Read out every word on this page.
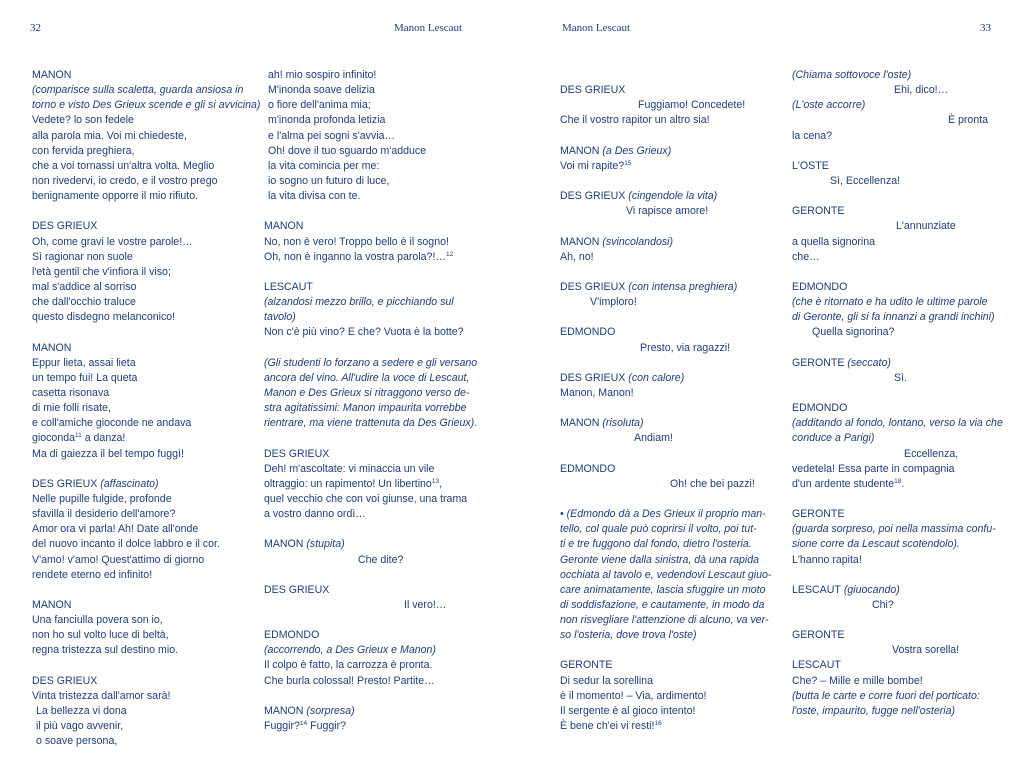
32	Manon Lescaut
MANON
(comparisce sulla scaletta, guarda ansiosa in
torno e visto Des Grieux scende e gli si avvicina)
Vedete? lo son fedele
alla parola mia. Voi mi chiedeste,
con fervida preghiera,
che a voi tornassi un'altra volta. Meglio
non rivedervi, io credo, e il vostro prego
benignamente opporre il mio rifiuto.
DES GRIEUX
Oh, come gravi le vostre parole!…
Sì ragionar non suole
l'età gentil che v'infiora il viso;
mal s'addice al sorriso
che dall'occhio traluce
questo disdegno melanconico!
MANON
Eppur lieta, assai lieta
un tempo fui! La queta
casetta risonava
di mie folli risate,
e coll'amiche gioconde ne andava
gioconda$^{11}$ a danza!
Ma di gaiezza il bel tempo fuggì!
DES GRIEUX (affascinato)
Nelle pupille fulgide, profonde
sfavilla il desiderio dell'amore?
Amor ora vi parla! Ah! Date all'onde
del nuovo incanto il dolce labbro e il cor.
V'amo! v'amo! Quest'attimo di giorno
rendete eterno ed infinito!
MANON
Una fanciulla povera son io,
non ho sul volto luce di beltà,
regna tristezza sul destino mio.
DES GRIEUX
Vinta tristezza dall'amor sarà!
La bellezza vi dona
il più vago avvenir,
o soave persona,
ah! mio sospiro infinito!
M'inonda soave delizia
o fiore dell'anima mia;
m'inonda profonda letizia
e l'alma pei sogni s'avvia…
Oh! dove il tuo sguardo m'adduce
la vita comincia per me:
io sogno un futuro di luce,
la vita divisa con te.
MANON
No, non è vero! Troppo bello è il sogno!
Oh, non è inganno la vostra parola?!…$^{12}$
LESCAUT
(alzandosi mezzo brillo, e picchiando sul
tavolo)
Non c'è più vino? E che? Vuota è la botte?
(Gli studenti lo forzano a sedere e gli versano
ancora del vino. All'udire la voce di Lescaut,
Manon e Des Grieux si ritraggono verso de-
stra agitatissimi: Manon impaurita vorrebbe
rientrare, ma viene trattenuta da Des Grieux).
DES GRIEUX
Deh! m'ascoltate: vi minaccia un vile
oltraggio: un rapimento! Un libertino$^{13}$,
quel vecchio che con voi giunse, una trama
a vostro danno ordì…
MANON (stupita)
Che dite?
DES GRIEUX
Il vero!…
EDMONDO
(accorrendo, a Des Grieux e Manon)
Il colpo è fatto, la carrozza è pronta.
Che burla colossal! Presto! Partite…
MANON (sorpresa)
Fuggir?$^{14}$ Fuggir?
Manon Lescaut	33
DES GRIEUX
Fuggiamo! Concedete!
Che il vostro rapitor un altro sia!
MANON (a Des Grieux)
Voi mi rapite?$^{15}$
DES GRIEUX (cingendole la vita)
Vi rapisce amore!
MANON (svincolandosi)
Ah, no!
DES GRIEUX (con intensa preghiera)
V'imploro!
EDMONDO
Presto, via ragazzi!
DES GRIEUX (con calore)
Manon, Manon!
MANON (risoluta)
Andiam!
EDMONDO
Oh! che bei pazzi!
• (Edmondo dà a Des Grieux il proprio man-
tello, col quale può coprirsi il volto, poi tut-
ti e tre fuggono dal fondo, dietro l'osteria.
Geronte viene dalla sinistra, dà una rapida
occhiata al tavolo e, vedendovi Lescaut giuo-
care animatamente, lascia sfuggire un moto
di soddisfazione, e cautamente, in modo da
non risvegliare l'attenzione di alcuno, va ver-
so l'osteria, dove trova l'oste)
GERONTE
Di sedur la sorellina
è il momento! – Via, ardimento!
Il sergente è al gioco intento!
È bene ch'ei vi resti!$^{16}$
(Chiama sottovoce l'oste)
Ehi, dico!…
(L'oste accorre)
È pronta
la cena?
L'OSTE
Sì, Eccellenza!
GERONTE
L'annunziate
a quella signorina
che…
EDMONDO
(che è ritornato e ha udito le ultime parole
di Geronte, gli si fa innanzi a grandi inchini)
Quella signorina?
GERONTE (seccato)
Sì.
EDMONDO
(additando al fondo, lontano, verso la via che
conduce a Parigi)
Eccellenza,
vedetela! Essa parte in compagnia
d'un ardente studente$^{18}$.
GERONTE
(guarda sorpreso, poi nella massima confu-
sione corre da Lescaut scotendolo).
L'hanno rapita!
LESCAUT (giuocando)
Chi?
GERONTE
Vostra sorella!
LESCAUT
Che? – Mille e mille bombe!
(butta le carte e corre fuori del porticato:
l'oste, impaurito, fugge nell'osteria)
